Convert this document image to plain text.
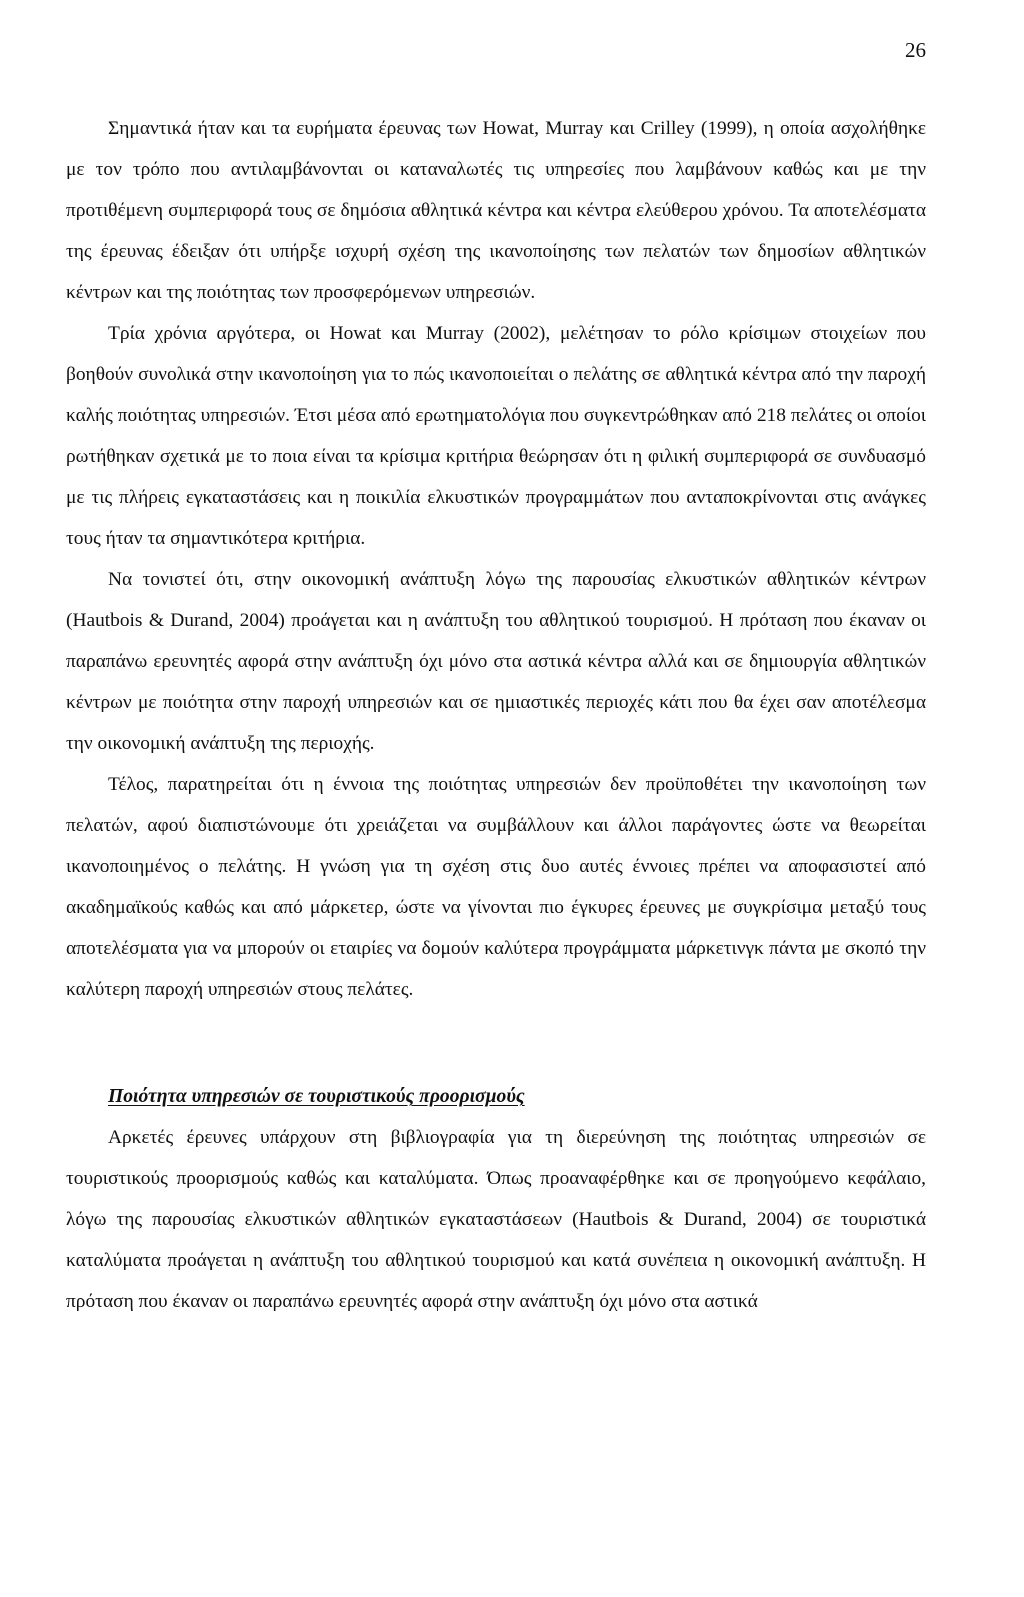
26

Σημαντικά ήταν και τα ευρήματα έρευνας των Howat, Murray και Crilley (1999), η οποία ασχολήθηκε με τον τρόπο που αντιλαμβάνονται οι καταναλωτές τις υπηρεσίες που λαμβάνουν καθώς και με την προτιθέμενη συμπεριφορά τους σε δημόσια αθλητικά κέντρα και κέντρα ελεύθερου χρόνου. Τα αποτελέσματα της έρευνας έδειξαν ότι υπήρξε ισχυρή σχέση της ικανοποίησης των πελατών των δημοσίων αθλητικών κέντρων και της ποιότητας των προσφερόμενων υπηρεσιών.

Τρία χρόνια αργότερα, οι Howat και Murray (2002), μελέτησαν το ρόλο κρίσιμων στοιχείων που βοηθούν συνολικά στην ικανοποίηση για το πώς ικανοποιείται ο πελάτης σε αθλητικά κέντρα από την παροχή καλής ποιότητας υπηρεσιών. Έτσι μέσα από ερωτηματολόγια που συγκεντρώθηκαν από 218 πελάτες οι οποίοι ρωτήθηκαν σχετικά με το ποια είναι τα κρίσιμα κριτήρια θεώρησαν ότι η φιλική συμπεριφορά σε συνδυασμό με τις πλήρεις εγκαταστάσεις και η ποικιλία ελκυστικών προγραμμάτων που ανταποκρίνονται στις ανάγκες τους ήταν τα σημαντικότερα κριτήρια.

Να τονιστεί ότι, στην οικονομική ανάπτυξη λόγω της παρουσίας ελκυστικών αθλητικών κέντρων (Hautbois & Durand, 2004) προάγεται και η ανάπτυξη του αθλητικού τουρισμού. Η πρόταση που έκαναν οι παραπάνω ερευνητές αφορά στην ανάπτυξη όχι μόνο στα αστικά κέντρα αλλά και σε δημιουργία αθλητικών κέντρων με ποιότητα στην παροχή υπηρεσιών και σε ημιαστικές περιοχές κάτι που θα έχει σαν αποτέλεσμα την οικονομική ανάπτυξη της περιοχής.

Τέλος, παρατηρείται ότι η έννοια της ποιότητας υπηρεσιών δεν προϋποθέτει την ικανοποίηση των πελατών, αφού διαπιστώνουμε ότι χρειάζεται να συμβάλλουν και άλλοι παράγοντες ώστε να θεωρείται ικανοποιημένος ο πελάτης. Η γνώση για τη σχέση στις δυο αυτές έννοιες πρέπει να αποφασιστεί από ακαδημαϊκούς καθώς και από μάρκετερ, ώστε να γίνονται πιο έγκυρες έρευνες με συγκρίσιμα μεταξύ τους αποτελέσματα για να μπορούν οι εταιρίες να δομούν καλύτερα προγράμματα μάρκετινγκ πάντα με σκοπό την καλύτερη παροχή υπηρεσιών στους πελάτες.

Ποιότητα υπηρεσιών σε τουριστικούς προορισμούς

Αρκετές έρευνες υπάρχουν στη βιβλιογραφία για τη διερεύνηση της ποιότητας υπηρεσιών σε τουριστικούς προορισμούς καθώς και καταλύματα. Όπως προαναφέρθηκε και σε προηγούμενο κεφάλαιο, λόγω της παρουσίας ελκυστικών αθλητικών εγκαταστάσεων (Hautbois & Durand, 2004) σε τουριστικά καταλύματα προάγεται η ανάπτυξη του αθλητικού τουρισμού και κατά συνέπεια η οικονομική ανάπτυξη. Η πρόταση που έκαναν οι παραπάνω ερευνητές αφορά στην ανάπτυξη όχι μόνο στα αστικά
